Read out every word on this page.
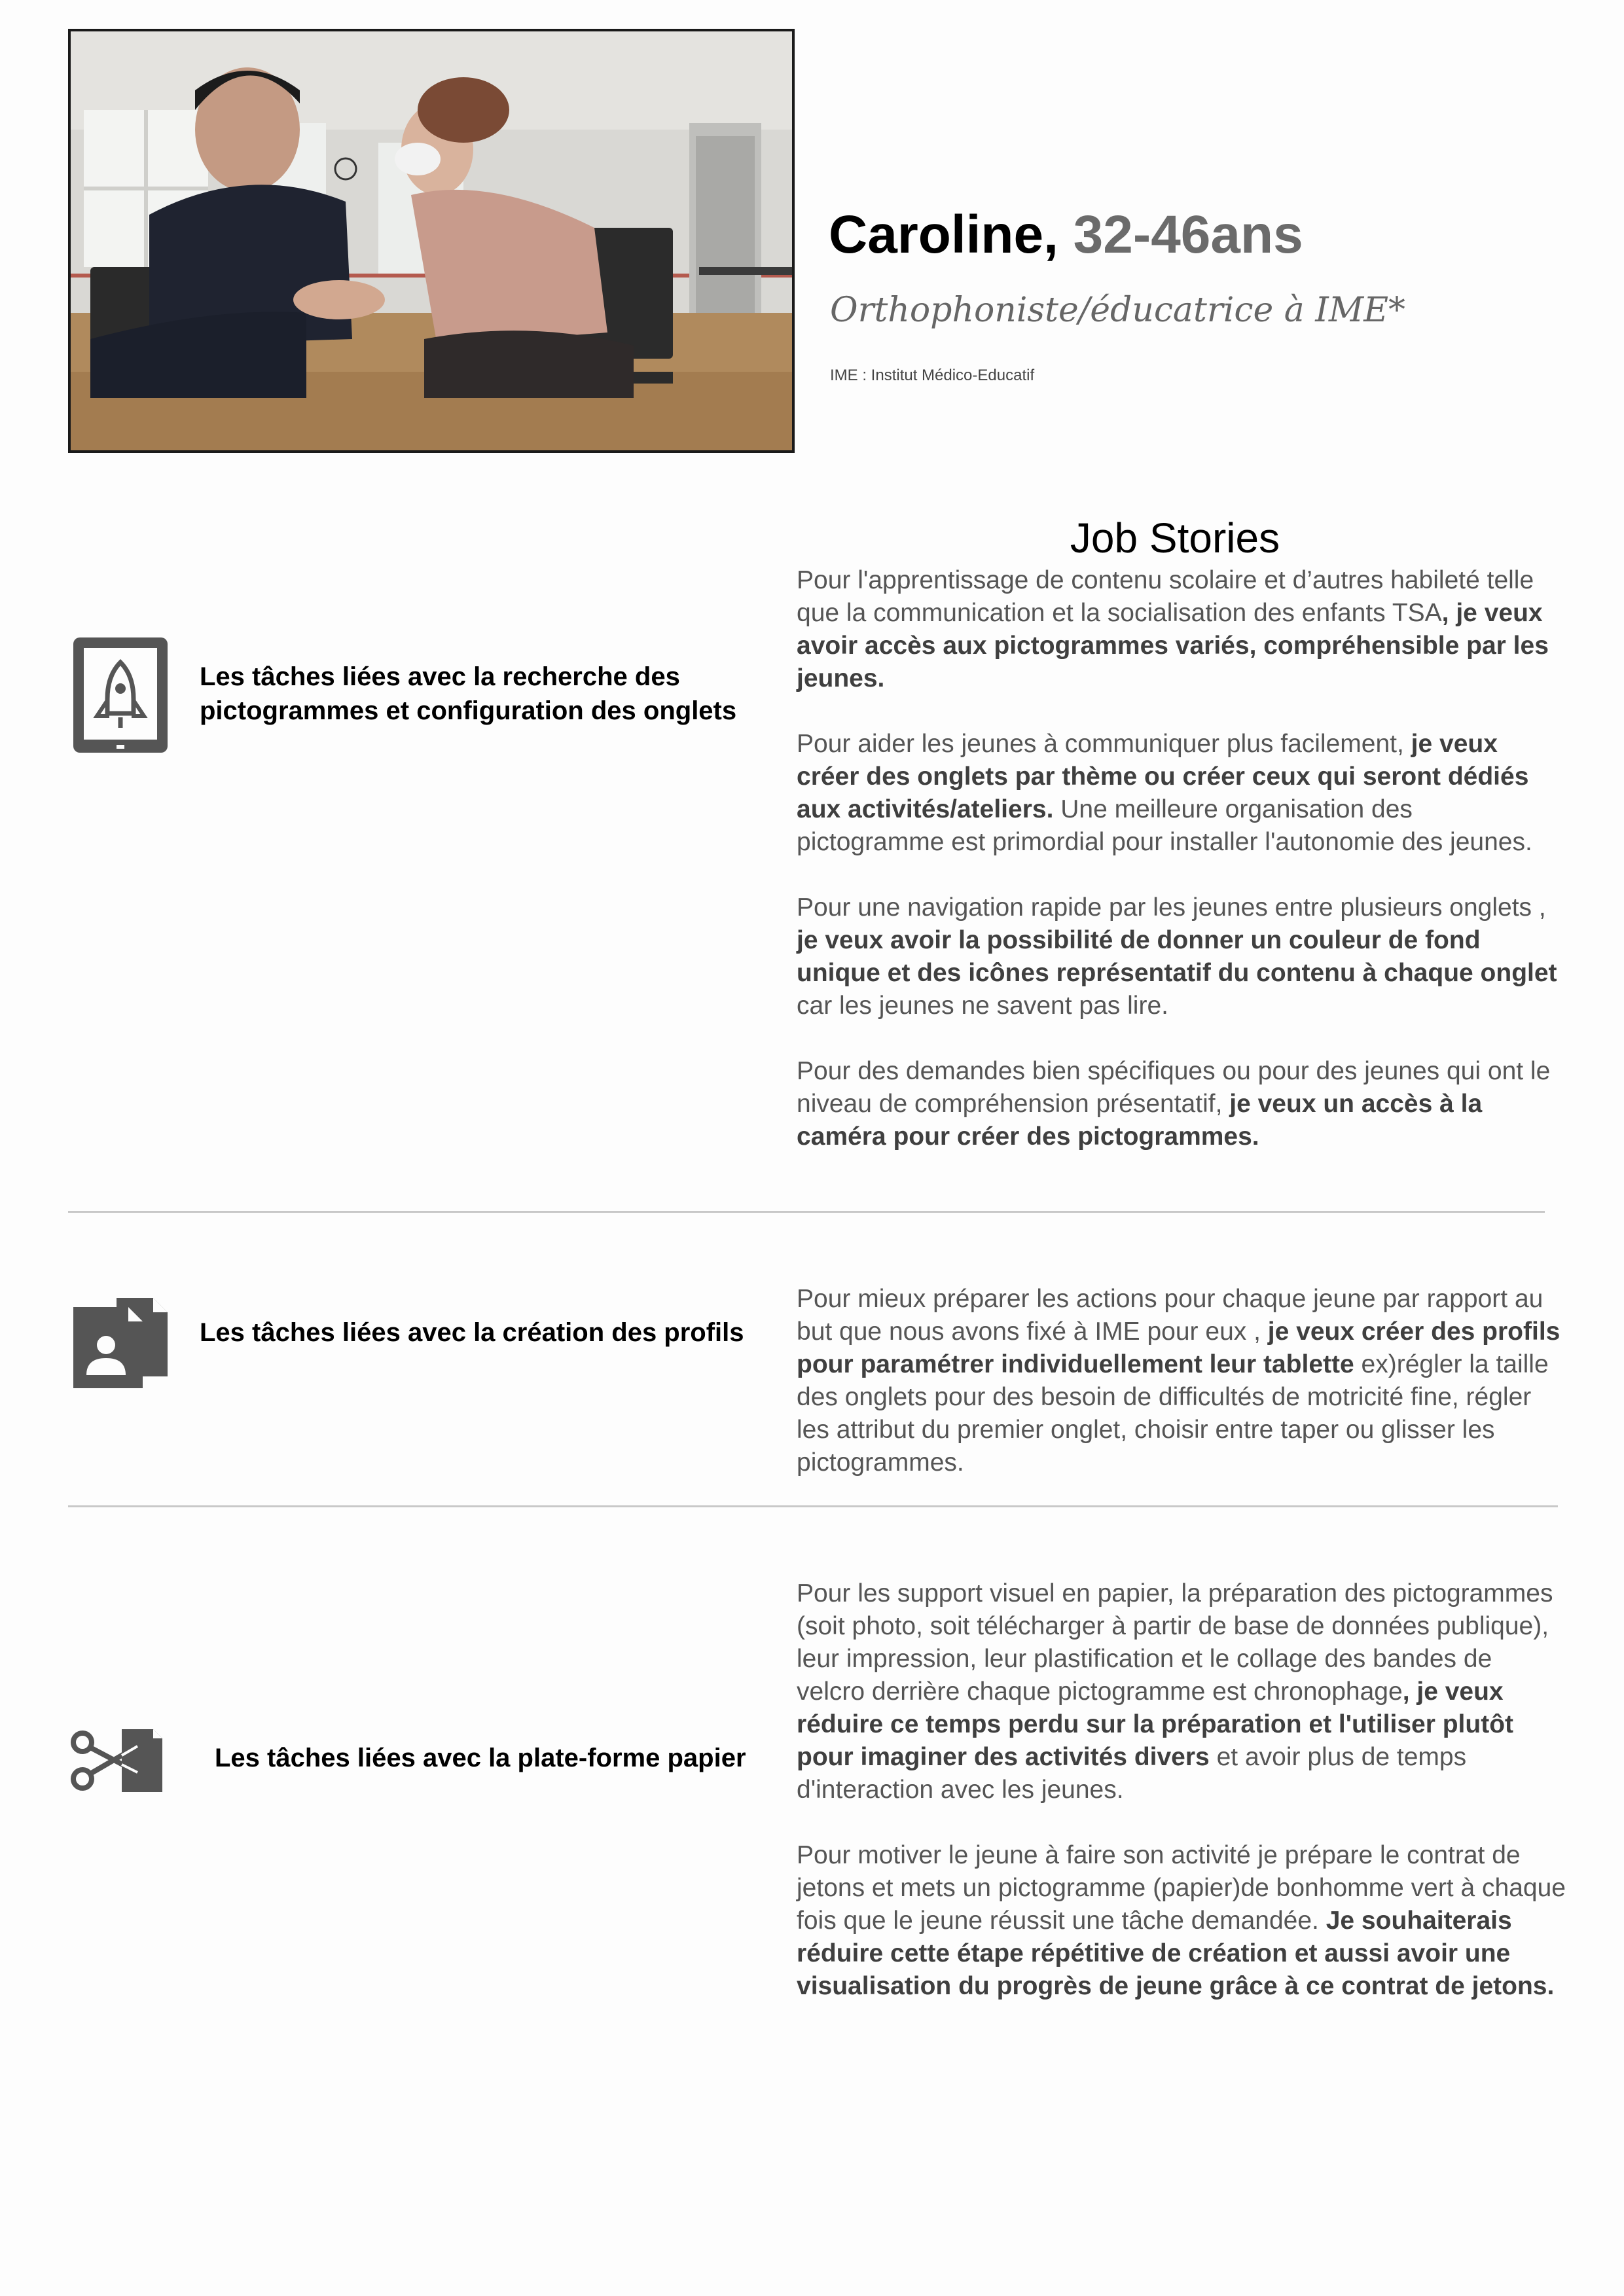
Caroline, 32-46ans
Orthophoniste/éducatrice à IME*
IME : Institut Médico-Educatif
Job Stories
Les tâches liées avec la recherche des pictogrammes et configuration des onglets

Pour l'apprentissage de contenu scolaire et d’autres habileté telle que la communication et la socialisation des enfants TSA, je veux avoir accès aux pictogrammes variés, compréhensible par les jeunes.

Pour aider les jeunes à communiquer plus facilement, je veux créer des onglets par thème ou créer ceux qui seront dédiés aux activités/ateliers. Une meilleure organisation des pictogramme est primordial pour installer l'autonomie des jeunes.

Pour une navigation rapide par les jeunes entre plusieurs onglets , je veux avoir la possibilité de donner un couleur de fond unique et des icônes représentatif du contenu à chaque onglet car les jeunes ne savent pas lire.

Pour des demandes bien spécifiques ou pour des jeunes qui ont le niveau de compréhension présentatif, je veux un accès à la caméra pour créer des pictogrammes.

Les tâches liées avec la création des profils

Pour mieux préparer les actions pour chaque jeune par rapport au but que nous avons fixé à IME pour eux , je veux créer des profils pour paramétrer individuellement leur tablette ex)régler la taille des onglets pour des besoin de difficultés de motricité fine, régler les attribut du premier onglet, choisir entre taper ou glisser les pictogrammes.

Les tâches liées avec la plate-forme papier

Pour les support visuel en papier, la préparation des pictogrammes (soit photo, soit télécharger à partir de base de données publique), leur impression, leur plastification et le collage des bandes de velcro derrière chaque pictogramme est chronophage, je veux réduire ce temps perdu sur la préparation et l'utiliser plutôt pour imaginer des activités divers et avoir plus de temps d'interaction avec les jeunes.

Pour motiver le jeune à faire son activité je prépare le contrat de jetons et mets un pictogramme (papier)de bonhomme vert à chaque fois que le jeune réussit une tâche demandée. Je souhaiterais réduire cette étape répétitive de création et aussi avoir une visualisation du progrès de jeune grâce à ce contrat de jetons.
